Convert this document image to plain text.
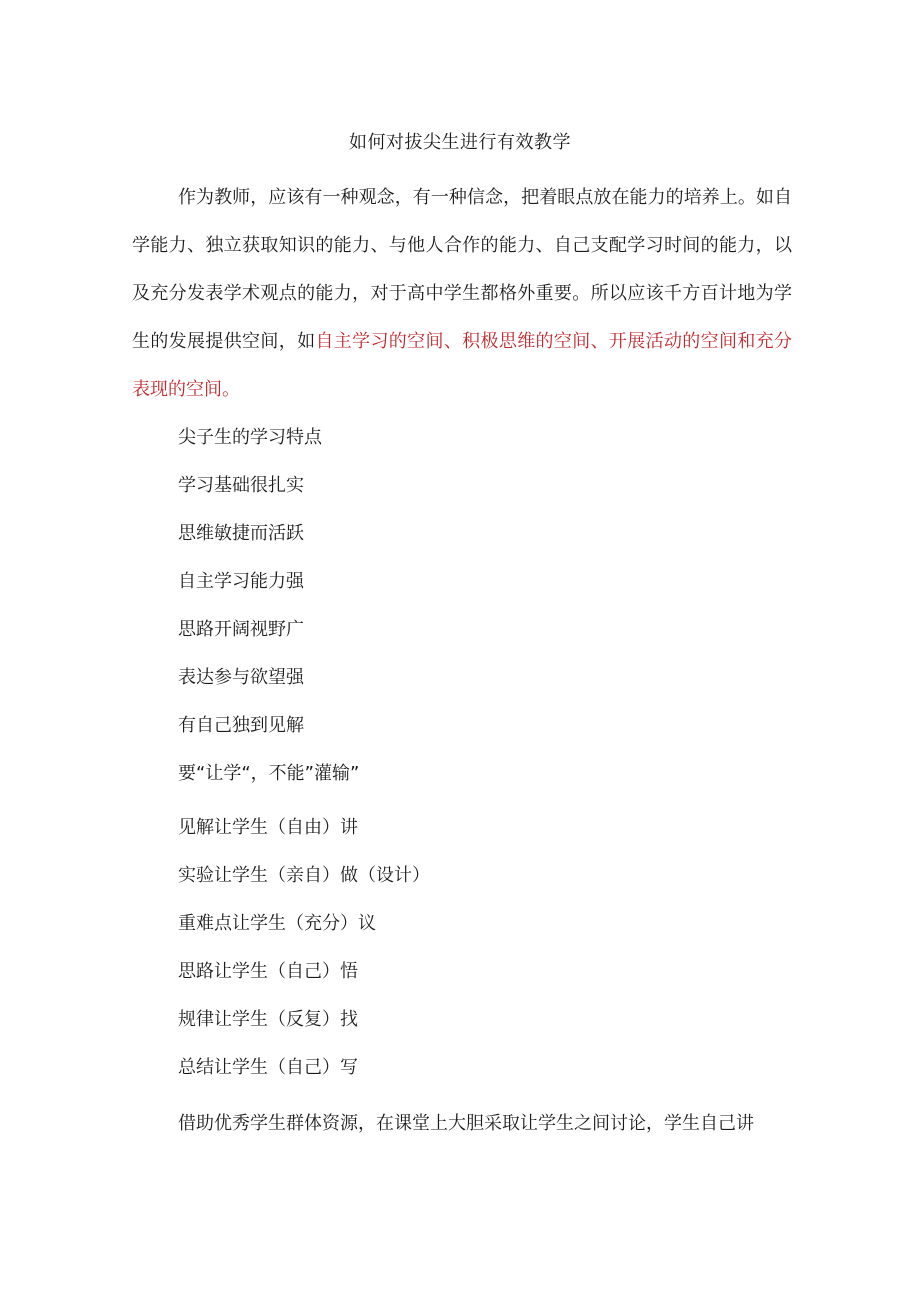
如何对拔尖生进行有效教学

作为教师，应该有一种观念，有一种信念，把着眼点放在能力的培养上。如自学能力、独立获取知识的能力、与他人合作的能力、自己支配学习时间的能力，以及充分发表学术观点的能力，对于高中学生都格外重要。所以应该千方百计地为学生的发展提供空间，如自主学习的空间、积极思维的空间、开展活动的空间和充分表现的空间。

尖子生的学习特点
学习基础很扎实
思维敏捷而活跃
自主学习能力强
思路开阔视野广
表达参与欲望强
有自己独到见解
要“让学“，不能”灌输”
见解让学生（自由）讲
实验让学生（亲自）做（设计）
重难点让学生（充分）议
思路让学生（自己）悟
规律让学生（反复）找
总结让学生（自己）写

借助优秀学生群体资源，在课堂上大胆采取让学生之间讨论，学生自己讲
